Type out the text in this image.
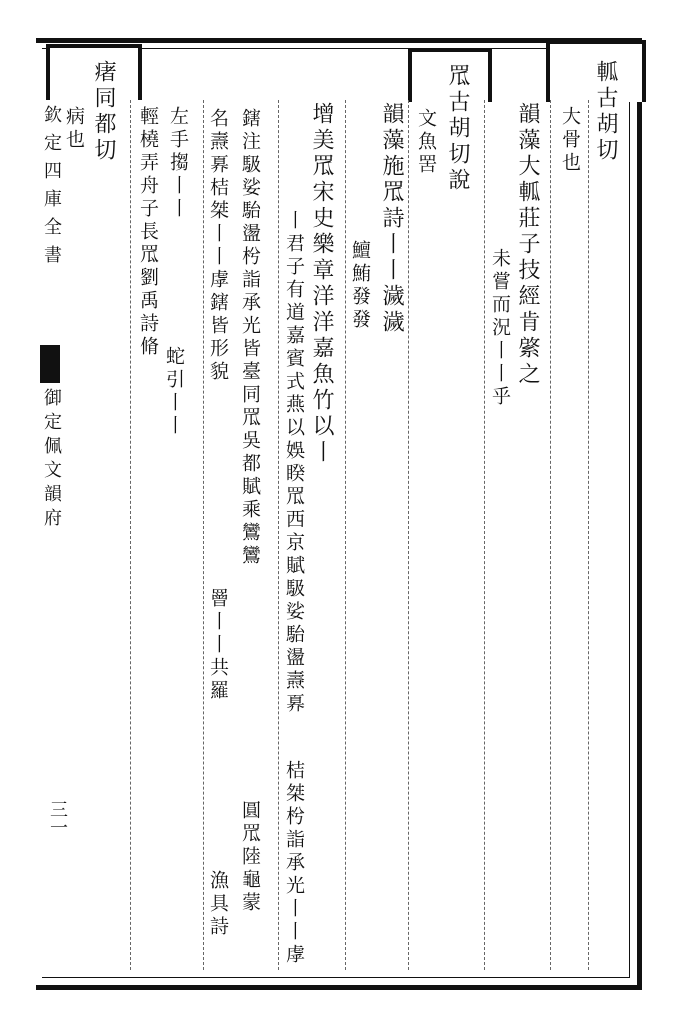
欽定四庫全書
御定佩文韻府
三一
軱古胡切
大骨也
韻藻大軱莊子技經肯綮之
未嘗而況丨丨乎
罛古胡切說
文魚罟
韻藻施罛詩丨丨濊濊
鱣鮪發發
增美罛宋史樂章洋洋嘉魚竹以丨
丨君子有道嘉賓式燕以娛睽罛西京賦馺娑駘盪燾奡
桔桀枍詣承光丨丨虖
鎋注馺娑駘盪枍詣承光皆臺同罛吳都賦乘鸞鸞
名燾奡桔桀丨丨虖鎋皆形貌
圓罛陸龜蒙
罾丨丨共羅
漁具詩
左手搊丨丨
輕橈弄舟子長罛劉禹詩脩
蛇引丨丨
瘏同都切
病也
